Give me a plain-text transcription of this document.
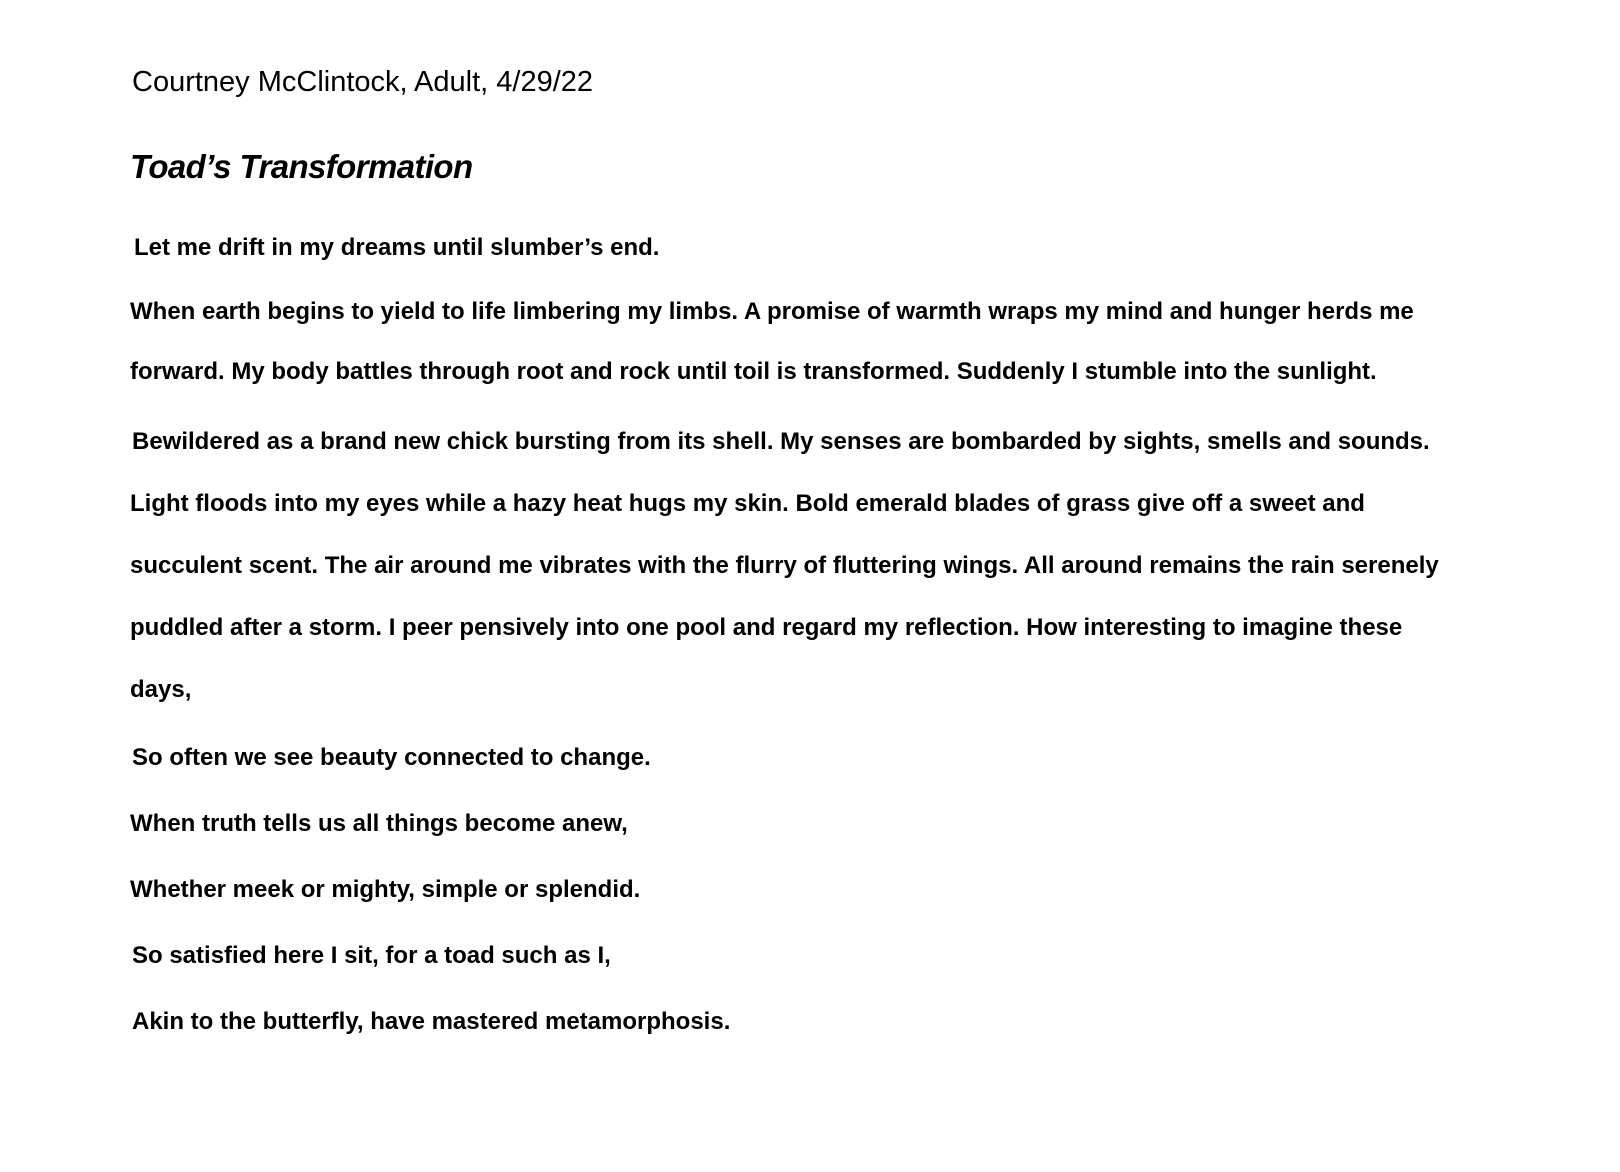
Courtney McClintock, Adult, 4/29/22

Toad’s Transformation

Let me drift in my dreams until slumber’s end.

When earth begins to yield to life limbering my limbs. A promise of warmth wraps my mind and hunger herds me

forward. My body battles through root and rock until toil is transformed. Suddenly I stumble into the sunlight.

Bewildered as a brand new chick bursting from its shell. My senses are bombarded by sights, smells and sounds.

Light floods into my eyes while a hazy heat hugs my skin. Bold emerald blades of grass give off a sweet and

succulent scent. The air around me vibrates with the flurry of fluttering wings. All around remains the rain serenely

puddled after a storm. I peer pensively into one pool and regard my reflection. How interesting to imagine these

days,

So often we see beauty connected to change.

When truth tells us all things become anew,

Whether meek or mighty, simple or splendid.

So satisfied here I sit, for a toad such as I,

Akin to the butterfly, have mastered metamorphosis.
